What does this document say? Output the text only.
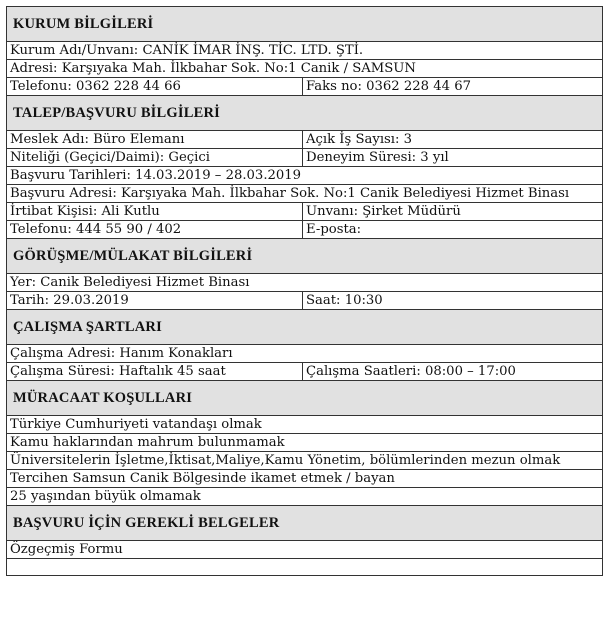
KURUM BİLGİLERİ
Kurum Adı/Unvanı: CANİK İMAR İNŞ. TİC. LTD. ŞTİ.
Adresi: Karşıyaka Mah. İlkbahar Sok. No:1 Canik / SAMSUN
Telefonu: 0362 228 44 66	Faks no: 0362 228 44 67
TALEP/BAŞVURU BİLGİLERİ
Meslek Adı: Büro Elemanı	Açık İş Sayısı: 3
Niteliği (Geçici/Daimi): Geçici	Deneyim Süresi: 3 yıl
Başvuru Tarihleri: 14.03.2019 – 28.03.2019
Başvuru Adresi: Karşıyaka Mah. İlkbahar Sok. No:1 Canik Belediyesi Hizmet Binası
İrtibat Kişisi: Ali Kutlu	Unvanı: Şirket Müdürü
Telefonu: 444 55 90 / 402	E-posta:
GÖRÜŞME/MÜLAKAT BİLGİLERİ
Yer: Canik Belediyesi Hizmet Binası
Tarih: 29.03.2019	Saat: 10:30
ÇALIŞMA ŞARTLARI
Çalışma Adresi: Hanım Konakları
Çalışma Süresi: Haftalık 45 saat	Çalışma Saatleri: 08:00 – 17:00
MÜRACAAT KOŞULLARI
Türkiye Cumhuriyeti vatandaşı olmak
Kamu haklarından mahrum bulunmamak
Üniversitelerin İşletme,İktisat,Maliye,Kamu Yönetim, bölümlerinden mezun olmak
Tercihen Samsun Canik Bölgesinde ikamet etmek / bayan
25 yaşından büyük olmamak
BAŞVURU İÇİN GEREKLİ BELGELER
Özgeçmiş Formu
